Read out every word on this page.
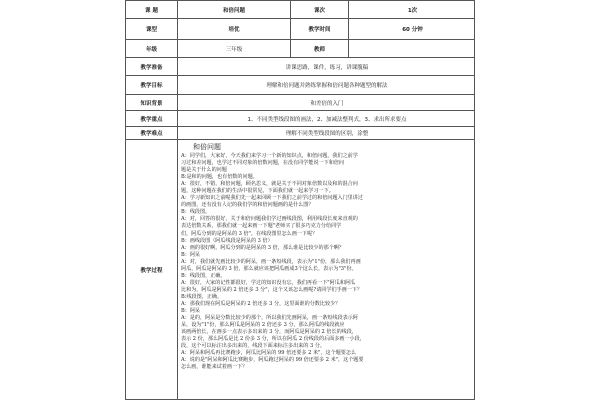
课 题	和倍问题	课次	1次
课型	培优	教学时间	60 分钟
年级	三年级	教师
教学准备	讲课思路，课件，练习，讲课腹稿
教学目标	理解和倍问题并熟练掌握和倍问题各种题型的解法
知识背景	和差倍的入门
教学重点	1、不同类型线段图的画法，2、加减法整判式，3、求出所求要点
教学难点	理解不同类型线段图的区别，涂整
教学过程
和倍问题

A：同学们，大家好，今天我们来学习一个新的知识点，和倍问题，我们之前学

习过和差问题，也学过不同对象的倍数问题，在没有同学能说一下和倍问

题是关于什么的问题

B:是和的问题，也有倍数的问题。

A：很好，不错，和倍问题，顾名思义，就是关于不同对象倍数以及和的混合问

题，这种问题在我们的生活中很常见，下面我们就一起来学习一下。

A：学习新知识之前呢我们先一起来回顾一下我们之前学过的和倍问题入门里讲过

的画图，还有没有人记的我们学的和倍问题画的是什么图？

B：线段图。

A：对，回答的很好，关于和倍问题我们学过画线段图，利用线段长度来直观的

表达倍数关系，那我们就一起来画一下题"老师买了很多巧克力分给同学

们，阿瓜分到的是阿呆的 3 倍"，在线段图里怎么画一下呢？

B：画线段图（阿瓜线段是阿呆的 3 倍）

A：画的很好啊，阿瓜分到的是阿呆的 3 倍，那么谁是比较少的那个啊？

B：阿呆

A：对，我们就先画比较少的阿呆，画一条短线段，表示为"1"份，那么我们再画

阿瓜，阿瓜是阿呆的 3 倍，那么就应该把阿瓜画成3个这么长，表示为"3"份。

B：线段图，正确。

A：很好，大家的记性都很好，学过的知识没有忘，我们再看一下"阿瓜和阿瓜

比和为，阿瓜是阿呆的 2 倍还多 3 分"，这个又该怎么画呢?请同学们手画一下？

B:线段图，正确。

A：那我们现在阿瓜是阿呆的 2 倍还多 3 分，这里面谁的分数比较少？

B：阿呆

A：是的，阿呆是分数比较少的那个，所以我们先画阿呆，画一条短线段表示阿

呆，设为"1"份，那么阿瓜是阿呆的 2 倍还多 3 分，那么阿瓜的线段就应

该画两倍长，在画多一点表示多出来的 3 分，而阿瓜是阿呆的 2 倍长的线段，

表示 2 份，那么阿瓜是比 2 份多 3 分，所以在阿瓜 2 份线段的后面多画一小段，

段，这个可以标注出多出来的，线段下面来标注多出来的 3 分。

A：阿呆和阿瓜再比赛跑步，阿瓜比阿呆的 99 倍还要多 2 米"，这个题要怎么

A：说的是"阿呆和阿瓜比赛跑步，阿瓜跑过阿呆的 99 倍还要多 2 米"，这个题要

怎么画，谁能来试着画一下？
